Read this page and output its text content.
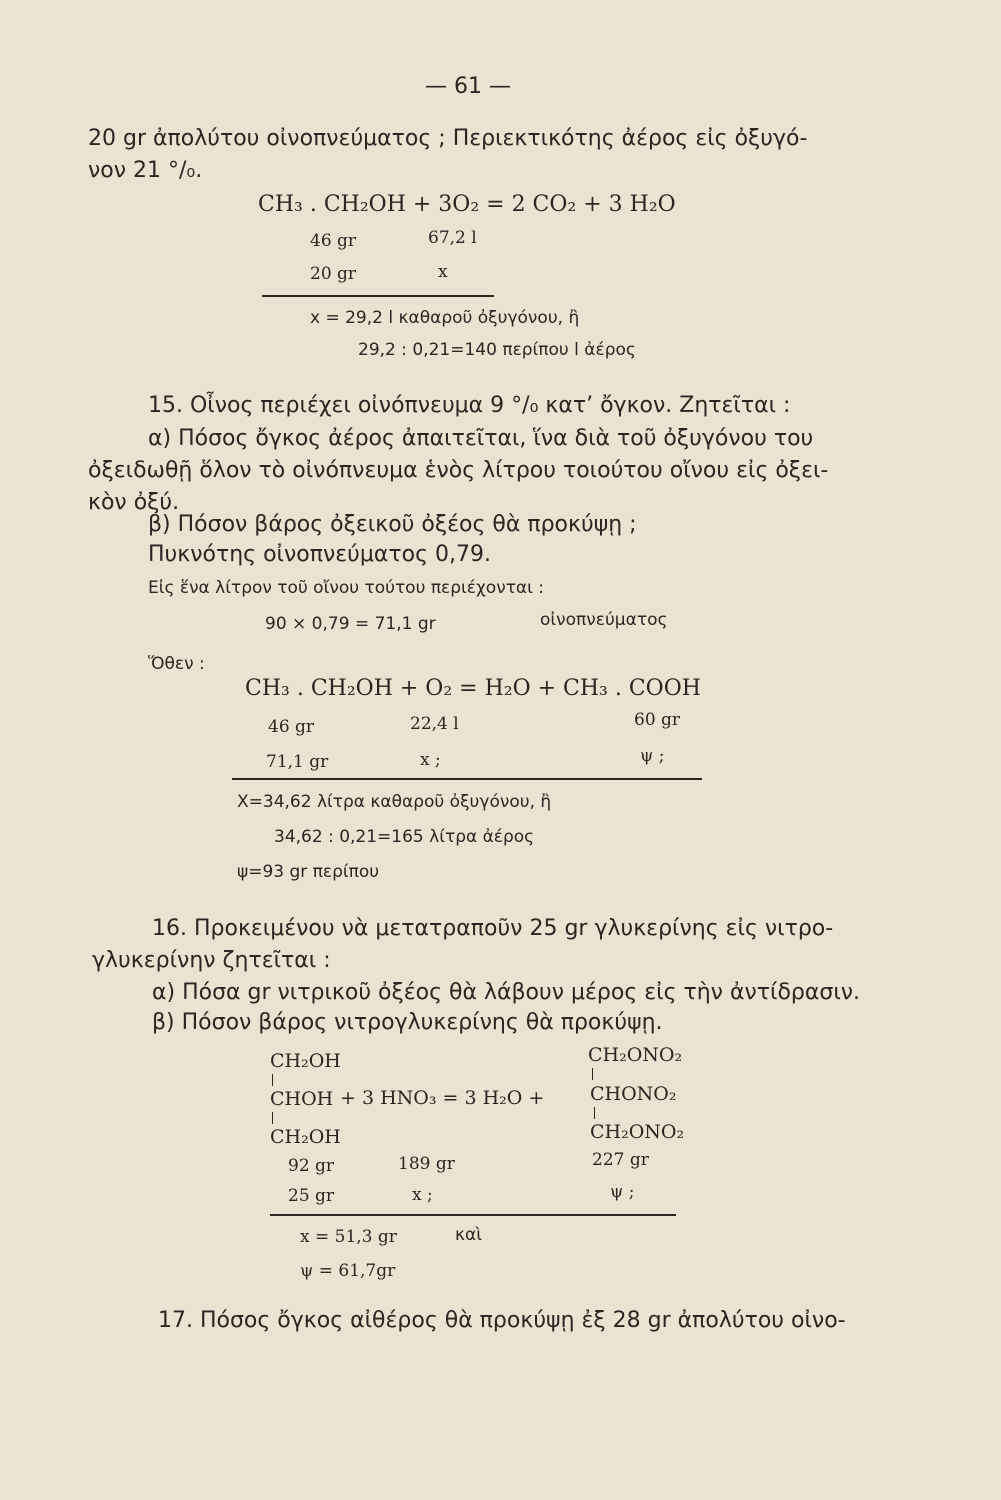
— 61 —
20 gr ἀπολύτου οἰνοπνεύματος ; Περιεκτικότης ἀέρος εἰς ὀξυγό-
νον 21 °/₀.
CH₃ . CH₂OH + 3O₂ = 2 CO₂ + 3 H₂O
46 gr	67,2 l
20 gr	x
x = 29,2 l καθαροῦ ὀξυγόνου, ἢ
29,2 : 0,21=140 περίπου l ἀέρος
15. Οἶνος περιέχει οἰνόπνευμα 9 °/₀ κατ’ ὄγκον. Ζητεῖται :
α) Πόσος ὄγκος ἀέρος ἀπαιτεῖται, ἵνα διὰ τοῦ ὀξυγόνου του
ὀξειδωθῇ ὅλον τὸ οἰνόπνευμα ἑνὸς λίτρου τοιούτου οἴνου εἰς ὀξει-
κὸν ὀξύ.
β) Πόσον βάρος ὀξεικοῦ ὀξέος θὰ προκύψῃ ;
Πυκνότης οἰνοπνεύματος 0,79.
Εἰς ἕνα λίτρον τοῦ οἴνου τούτου περιέχονται :
90 × 0,79 = 71,1 gr	οἰνοπνεύματος
Ὅθεν :
CH₃ . CH₂OH + O₂ = H₂O + CH₃ . COOH
46 gr	22,4 l	60 gr
71,1 gr	x ;	ψ ;
X=34,62 λίτρα καθαροῦ ὀξυγόνου, ἢ
34,62 : 0,21=165 λίτρα ἀέρος
ψ=93 gr περίπου
16. Προκειμένου νὰ μετατραποῦν 25 gr γλυκερίνης εἰς νιτρο-
γλυκερίνην ζητεῖται :
α) Πόσα gr νιτρικοῦ ὀξέος θὰ λάβουν μέρος εἰς τὴν ἀντίδρασιν.
β) Πόσον βάρος νιτρογλυκερίνης θὰ προκύψῃ.
CH₂OH
CHOH
CH₂OH
+ 3 HNO₃ = 3 H₂O +
CH₂ONO₂
CHONO₂
CH₂ONO₂
92 gr	189 gr	227 gr
25 gr	x ;	ψ ;
x = 51,3 gr	καὶ
ψ = 61,7gr
17. Πόσος ὄγκος αἰθέρος θὰ προκύψῃ ἐξ 28 gr ἀπολύτου οἰνο-
